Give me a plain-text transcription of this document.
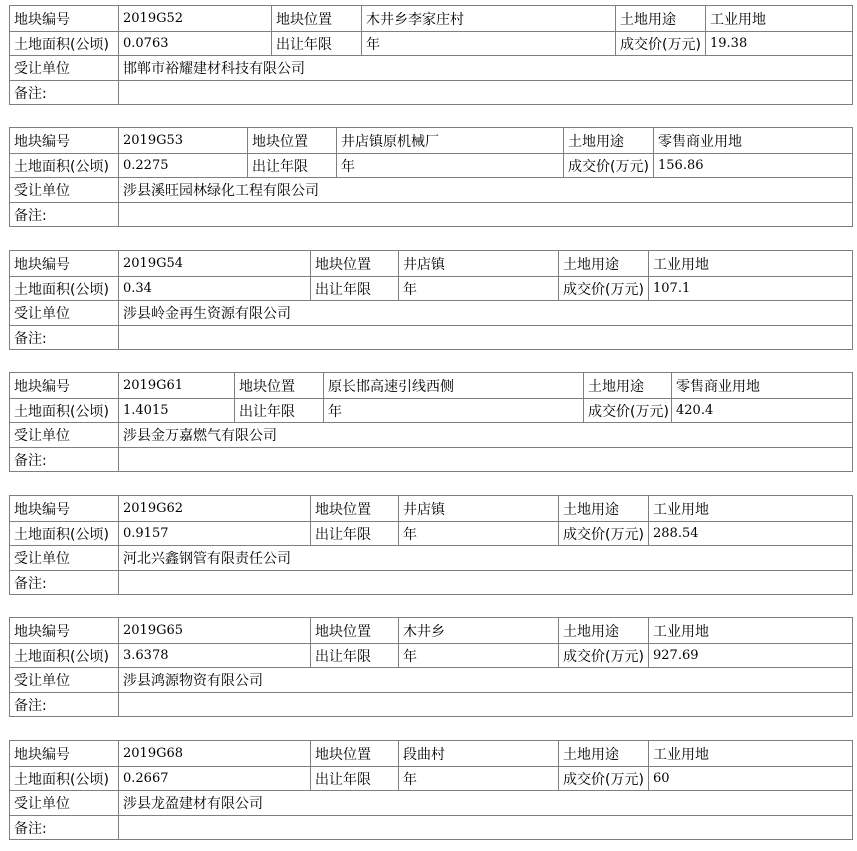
地块编号	2019G52	地块位置	木井乡李家庄村	土地用途	工业用地
土地面积(公顷)	0.0763	出让年限	年	成交价(万元)	19.38
受让单位	邯郸市裕耀建材科技有限公司				
备注:					
地块编号	2019G53	地块位置	井店镇原机械厂	土地用途	零售商业用地
土地面积(公顷)	0.2275	出让年限	年	成交价(万元)	156.86
受让单位	涉县溪旺园林绿化工程有限公司				
备注:					
地块编号	2019G54	地块位置	井店镇	土地用途	工业用地
土地面积(公顷)	0.34	出让年限	年	成交价(万元)	107.1
受让单位	涉县岭金再生资源有限公司				
备注:					
地块编号	2019G61	地块位置	原长邯高速引线西侧	土地用途	零售商业用地
土地面积(公顷)	1.4015	出让年限	年	成交价(万元)	420.4
受让单位	涉县金万嘉燃气有限公司				
备注:					
地块编号	2019G62	地块位置	井店镇	土地用途	工业用地
土地面积(公顷)	0.9157	出让年限	年	成交价(万元)	288.54
受让单位	河北兴鑫钢管有限责任公司				
备注:					
地块编号	2019G65	地块位置	木井乡	土地用途	工业用地
土地面积(公顷)	3.6378	出让年限	年	成交价(万元)	927.69
受让单位	涉县鸿源物资有限公司				
备注:					
地块编号	2019G68	地块位置	段曲村	土地用途	工业用地
土地面积(公顷)	0.2667	出让年限	年	成交价(万元)	60
受让单位	涉县龙盈建材有限公司				
备注:					
